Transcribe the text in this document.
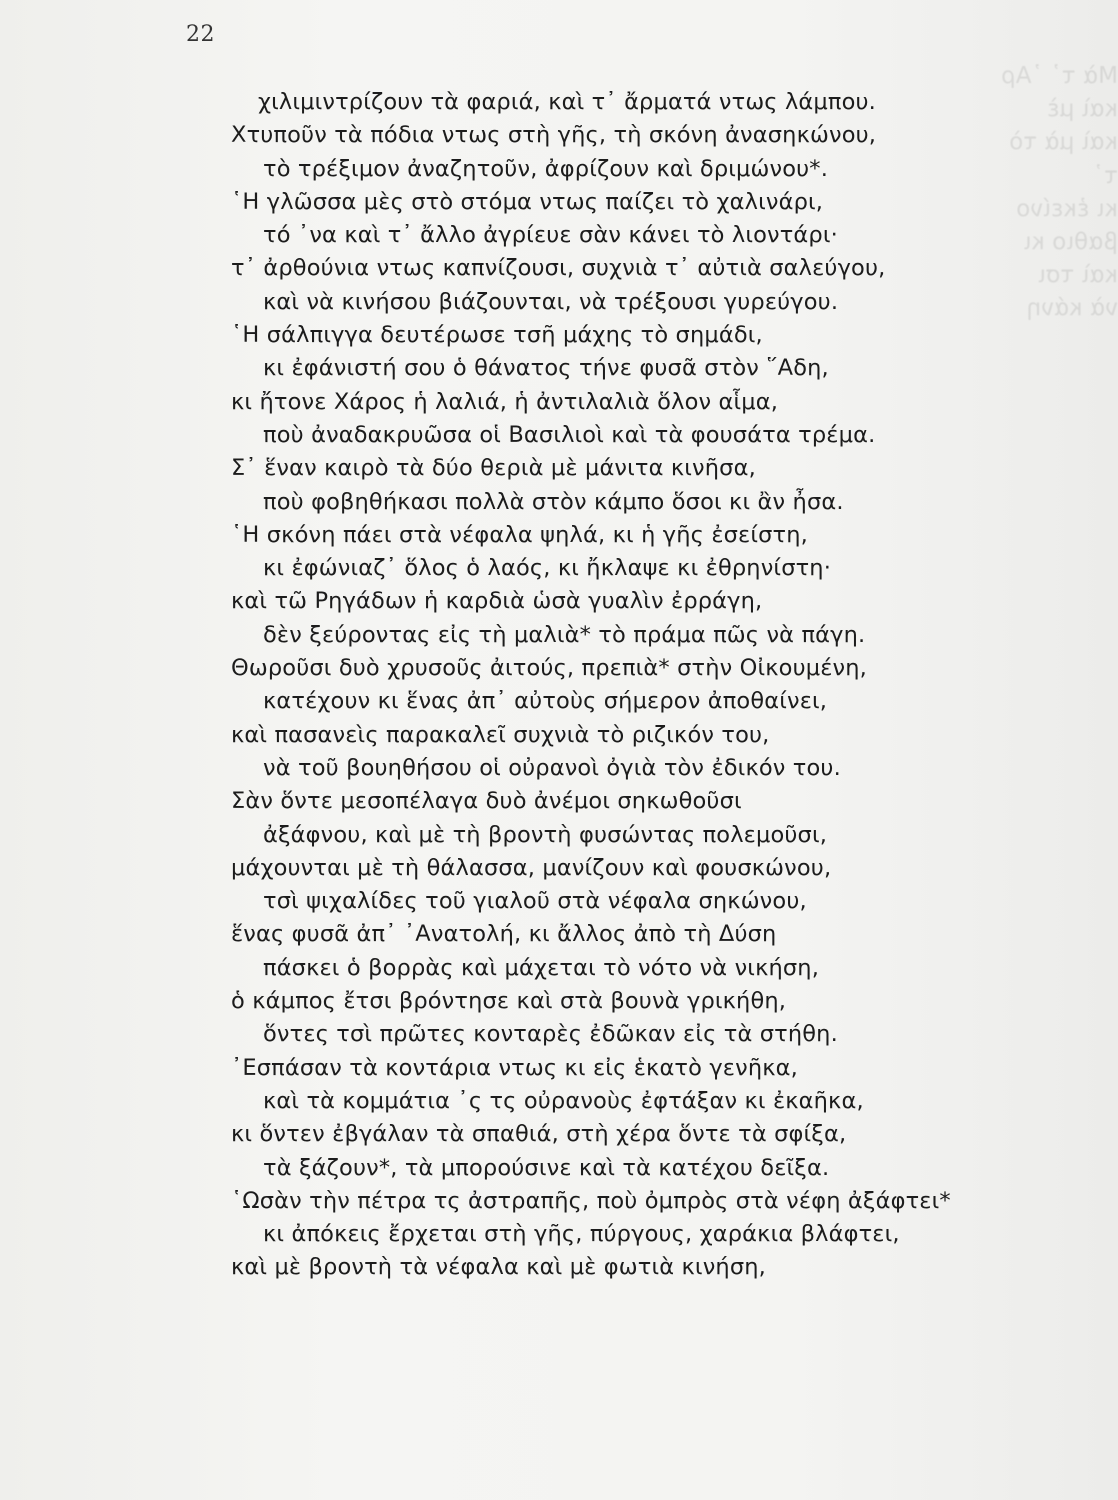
Μὰ τ᾽ ᾽Αρ
καὶ μὲ
καὶ μὰ τὸ
τ᾽
κι ἐκείνο
βαθιο κι
καὶ τσι
νὰ κάνη
22
χιλιμιντρίζουν τὰ φαριά, καὶ τ᾽ ἄρματά ντως λάμπου.
Χτυποῦν τὰ πόδια ντως στὴ γῆς, τὴ σκόνη ἀνασηκώνου,
τὸ τρέξιμον ἀναζητοῦν, ἀφρίζουν καὶ δριμώνου*.
῾Η γλῶσσα μὲς στὸ στόμα ντως παίζει τὸ χαλινάρι,
τό ᾽να καὶ τ᾽ ἄλλο ἀγρίευε σὰν κάνει τὸ λιοντάρι·
τ᾽ ἀρθούνια ντως καπνίζουσι, συχνιὰ τ᾽ αὐτιὰ σαλεύγου,
καὶ νὰ κινήσου βιάζουνται, νὰ τρέξουσι γυρεύγου.
῾Η σάλπιγγα δευτέρωσε τσῆ μάχης τὸ σημάδι,
κι ἐφάνιστή σου ὁ θάνατος τήνε φυσᾶ στὸν ῞Αδη,
κι ἤτονε Χάρος ἡ λαλιά, ἡ ἀντιλαλιὰ ὅλον αἷμα,
ποὺ ἀναδακρυῶσα οἱ Βασιλιοὶ καὶ τὰ φουσάτα τρέμα.
Σ᾽ ἕναν καιρὸ τὰ δύο θεριὰ μὲ μάνιτα κινῆσα,
ποὺ φοβηθήκασι πολλὰ στὸν κάμπο ὅσοι κι ἂν ἦσα.
῾Η σκόνη πάει στὰ νέφαλα ψηλά, κι ἡ γῆς ἐσείστη,
κι ἐφώνιαζ᾽ ὅλος ὁ λαός, κι ἤκλαψε κι ἐθρηνίστη·
καὶ τῶ Ρηγάδων ἡ καρδιὰ ὡσὰ γυαλὶν ἐρράγη,
δὲν ξεύροντας εἰς τὴ μαλιὰ* τὸ πράμα πῶς νὰ πάγη.
Θωροῦσι δυὸ χρυσοῦς ἀιτούς, πρεπιὰ* στὴν Οἰκουμένη,
κατέχουν κι ἕνας ἀπ᾽ αὐτοὺς σήμερον ἀποθαίνει,
καὶ πασανεὶς παρακαλεῖ συχνιὰ τὸ ριζικόν του,
νὰ τοῦ βουηθήσου οἱ οὐρανοὶ ὀγιὰ τὸν ἐδικόν του.
Σὰν ὅντε μεσοπέλαγα δυὸ ἀνέμοι σηκωθοῦσι
ἀξάφνου, καὶ μὲ τὴ βροντὴ φυσώντας πολεμοῦσι,
μάχουνται μὲ τὴ θάλασσα, μανίζουν καὶ φουσκώνου,
τσὶ ψιχαλίδες τοῦ γιαλοῦ στὰ νέφαλα σηκώνου,
ἕνας φυσᾶ ἀπ᾽ ᾽Ανατολή, κι ἄλλος ἀπὸ τὴ Δύση
πάσκει ὁ βορρὰς καὶ μάχεται τὸ νότο νὰ νικήση,
ὁ κάμπος ἔτσι βρόντησε καὶ στὰ βουνὰ γρικήθη,
ὅντες τσὶ πρῶτες κονταρὲς ἐδῶκαν εἰς τὰ στήθη.
᾽Εσπάσαν τὰ κοντάρια ντως κι εἰς ἑκατὸ γενῆκα,
καὶ τὰ κομμάτια ᾽ς τς οὐρανοὺς ἐφτάξαν κι ἐκαῆκα,
κι ὅντεν ἐβγάλαν τὰ σπαθιά, στὴ χέρα ὅντε τὰ σφίξα,
τὰ ξάζουν*, τὰ μπορούσινε καὶ τὰ κατέχου δεῖξα.
῾Ωσὰν τὴν πέτρα τς ἀστραπῆς, ποὺ ὀμπρὸς στὰ νέφη ἀξάφτει*
κι ἀπόκεις ἔρχεται στὴ γῆς, πύργους, χαράκια βλάφτει,
καὶ μὲ βροντὴ τὰ νέφαλα καὶ μὲ φωτιὰ κινήση,
